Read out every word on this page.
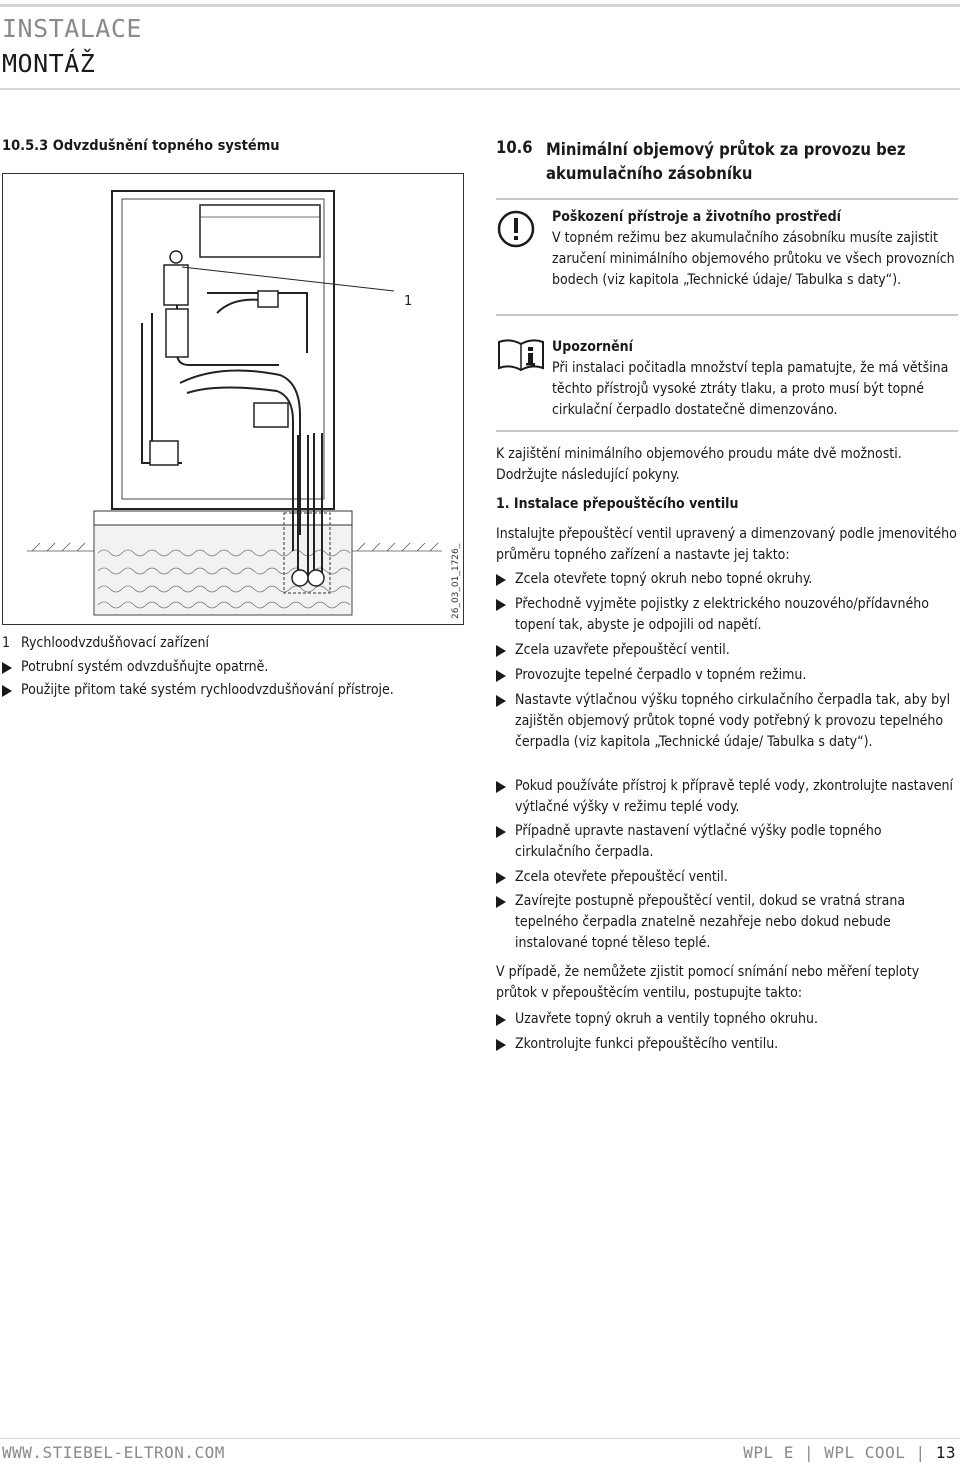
INSTALACE
MONTÁŽ
10.5.3 Odvzdušnění topného systému
1
26_03_01_1726_
1 Rychloodvzdušňovací zařízení
Potrubní systém odvzdušňujte opatrně.
Použijte přitom také systém rychloodvzdušňování přístroje.
10.6 Minimální objemový průtok za provozu bez akumulačního zásobníku
Poškození přístroje a životního prostředí
V topném režimu bez akumulačního zásobníku musíte zajistit zaručení minimálního objemového průtoku ve všech provozních bodech (viz kapitola „Technické údaje/ Tabulka s daty“).
Upozornění
Při instalaci počitadla množství tepla pamatujte, že má většina těchto přístrojů vysoké ztráty tlaku, a proto musí být topné cirkulační čerpadlo dostatečně dimenzováno.
K zajištění minimálního objemového proudu máte dvě možnosti. Dodržujte následující pokyny.
1. Instalace přepouštěcího ventilu
Instalujte přepouštěcí ventil upravený a dimenzovaný podle jmenovitého průměru topného zařízení a nastavte jej takto:
Zcela otevřete topný okruh nebo topné okruhy.
Přechodně vyjměte pojistky z elektrického nouzového/přídavného topení tak, abyste je odpojili od napětí.
Zcela uzavřete přepouštěcí ventil.
Provozujte tepelné čerpadlo v topném režimu.
Nastavte výtlačnou výšku topného cirkulačního čerpadla tak, aby byl zajištěn objemový průtok topné vody potřebný k provozu tepelného čerpadla (viz kapitola „Technické údaje/ Tabulka s daty“).
Pokud používáte přístroj k přípravě teplé vody, zkontrolujte nastavení výtlačné výšky v režimu teplé vody.
Případně upravte nastavení výtlačné výšky podle topného cirkulačního čerpadla.
Zcela otevřete přepouštěcí ventil.
Zavírejte postupně přepouštěcí ventil, dokud se vratná strana tepelného čerpadla znatelně nezahřeje nebo dokud nebude instalované topné těleso teplé.
V případě, že nemůžete zjistit pomocí snímání nebo měření teploty průtok v přepouštěcím ventilu, postupujte takto:
Uzavřete topný okruh a ventily topného okruhu.
Zkontrolujte funkci přepouštěcího ventilu.
WWW.STIEBEL-ELTRON.COM	WPL E | WPL COOL | 13
